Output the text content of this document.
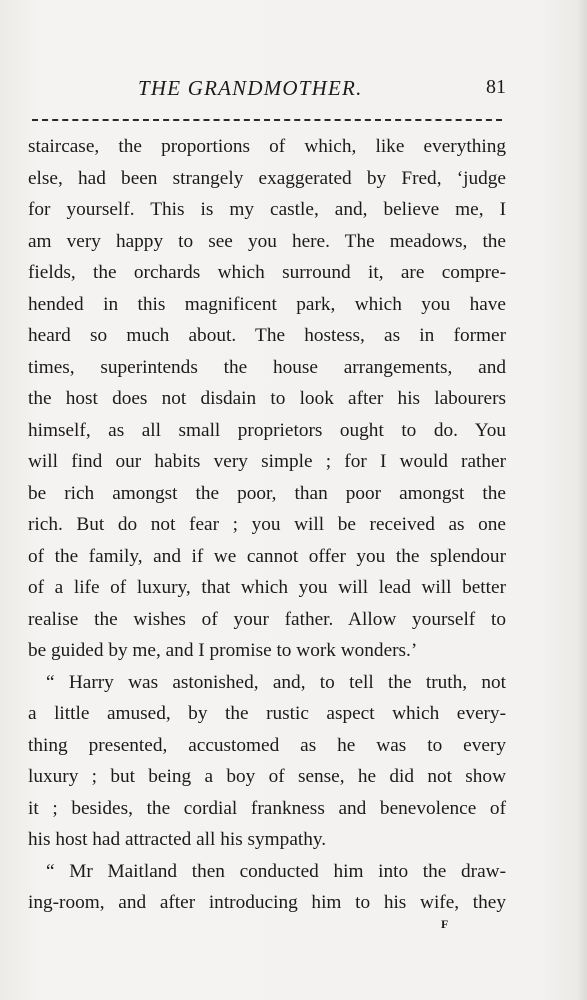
THE GRANDMOTHER.	81
staircase, the proportions of which, like everything
else, had been strangely exaggerated by Fred, ‘judge
for yourself. This is my castle, and, believe me, I
am very happy to see you here. The meadows, the
fields, the orchards which surround it, are compre-
hended in this magnificent park, which you have
heard so much about. The hostess, as in former
times, superintends the house arrangements, and
the host does not disdain to look after his labourers
himself, as all small proprietors ought to do. You
will find our habits very simple ; for I would rather
be rich amongst the poor, than poor amongst the
rich. But do not fear ; you will be received as one
of the family, and if we cannot offer you the splendour
of a life of luxury, that which you will lead will better
realise the wishes of your father. Allow yourself to
be guided by me, and I promise to work wonders.’
“ Harry was astonished, and, to tell the truth, not
a little amused, by the rustic aspect which every-
thing presented, accustomed as he was to every
luxury ; but being a boy of sense, he did not show
it ; besides, the cordial frankness and benevolence of
his host had attracted all his sympathy.
“ Mr Maitland then conducted him into the draw-
ing-room, and after introducing him to his wife, they
F
